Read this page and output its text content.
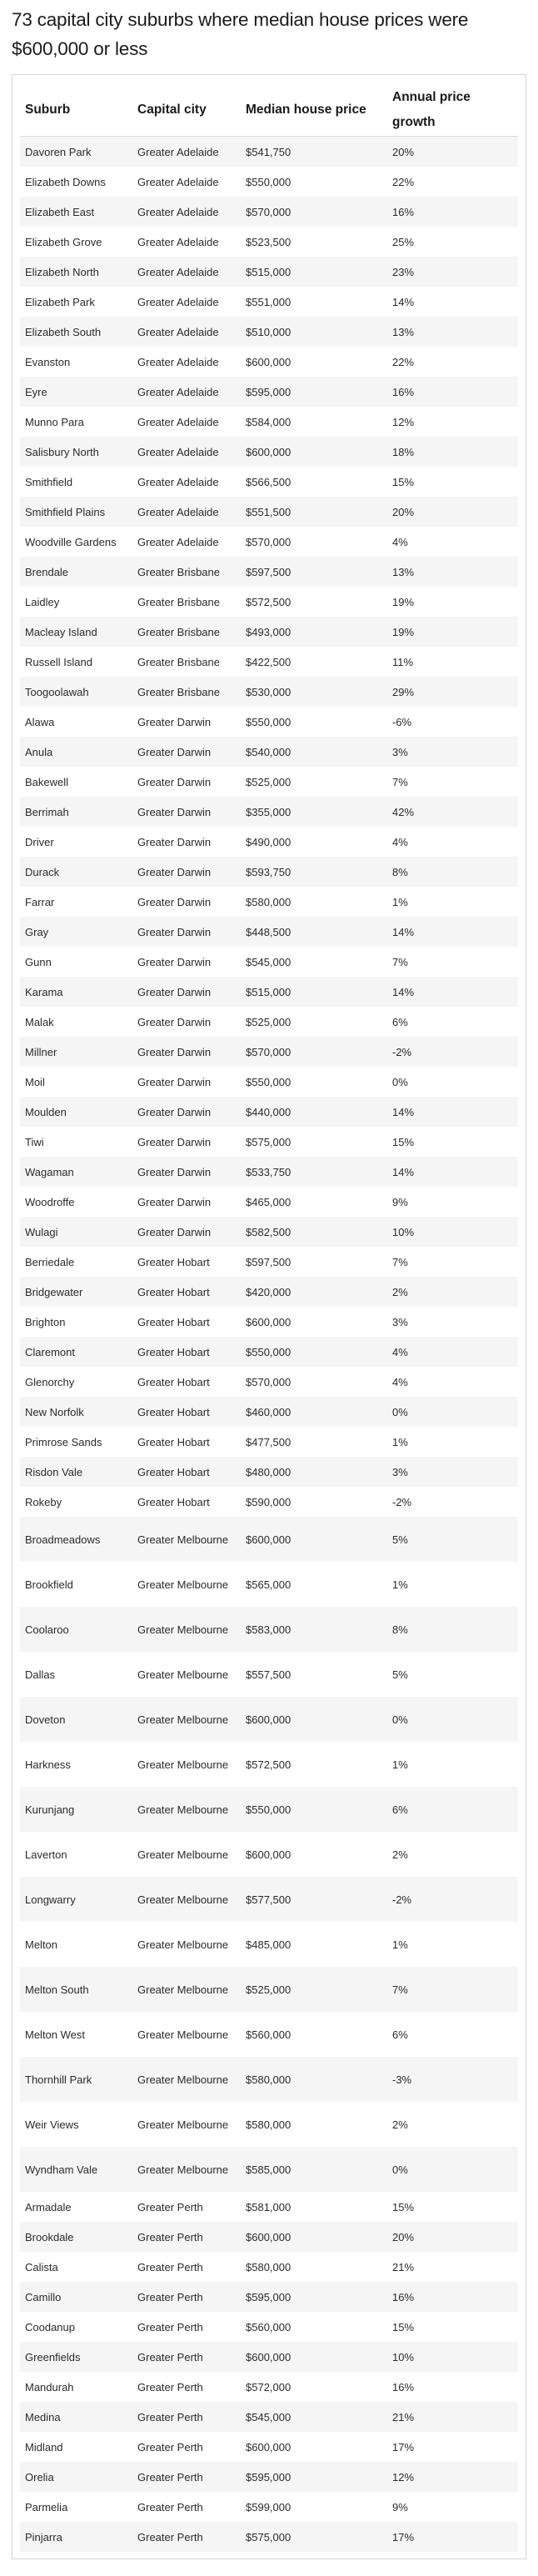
73 capital city suburbs where median house prices were $600,000 or less
Suburb	Capital city	Median house price	Annual price growth
Davoren Park	Greater Adelaide	$541,750	20%
Elizabeth Downs	Greater Adelaide	$550,000	22%
Elizabeth East	Greater Adelaide	$570,000	16%
Elizabeth Grove	Greater Adelaide	$523,500	25%
Elizabeth North	Greater Adelaide	$515,000	23%
Elizabeth Park	Greater Adelaide	$551,000	14%
Elizabeth South	Greater Adelaide	$510,000	13%
Evanston	Greater Adelaide	$600,000	22%
Eyre	Greater Adelaide	$595,000	16%
Munno Para	Greater Adelaide	$584,000	12%
Salisbury North	Greater Adelaide	$600,000	18%
Smithfield	Greater Adelaide	$566,500	15%
Smithfield Plains	Greater Adelaide	$551,500	20%
Woodville Gardens	Greater Adelaide	$570,000	4%
Brendale	Greater Brisbane	$597,500	13%
Laidley	Greater Brisbane	$572,500	19%
Macleay Island	Greater Brisbane	$493,000	19%
Russell Island	Greater Brisbane	$422,500	11%
Toogoolawah	Greater Brisbane	$530,000	29%
Alawa	Greater Darwin	$550,000	-6%
Anula	Greater Darwin	$540,000	3%
Bakewell	Greater Darwin	$525,000	7%
Berrimah	Greater Darwin	$355,000	42%
Driver	Greater Darwin	$490,000	4%
Durack	Greater Darwin	$593,750	8%
Farrar	Greater Darwin	$580,000	1%
Gray	Greater Darwin	$448,500	14%
Gunn	Greater Darwin	$545,000	7%
Karama	Greater Darwin	$515,000	14%
Malak	Greater Darwin	$525,000	6%
Millner	Greater Darwin	$570,000	-2%
Moil	Greater Darwin	$550,000	0%
Moulden	Greater Darwin	$440,000	14%
Tiwi	Greater Darwin	$575,000	15%
Wagaman	Greater Darwin	$533,750	14%
Woodroffe	Greater Darwin	$465,000	9%
Wulagi	Greater Darwin	$582,500	10%
Berriedale	Greater Hobart	$597,500	7%
Bridgewater	Greater Hobart	$420,000	2%
Brighton	Greater Hobart	$600,000	3%
Claremont	Greater Hobart	$550,000	4%
Glenorchy	Greater Hobart	$570,000	4%
New Norfolk	Greater Hobart	$460,000	0%
Primrose Sands	Greater Hobart	$477,500	1%
Risdon Vale	Greater Hobart	$480,000	3%
Rokeby	Greater Hobart	$590,000	-2%
Broadmeadows	Greater Melbourne	$600,000	5%
Brookfield	Greater Melbourne	$565,000	1%
Coolaroo	Greater Melbourne	$583,000	8%
Dallas	Greater Melbourne	$557,500	5%
Doveton	Greater Melbourne	$600,000	0%
Harkness	Greater Melbourne	$572,500	1%
Kurunjang	Greater Melbourne	$550,000	6%
Laverton	Greater Melbourne	$600,000	2%
Longwarry	Greater Melbourne	$577,500	-2%
Melton	Greater Melbourne	$485,000	1%
Melton South	Greater Melbourne	$525,000	7%
Melton West	Greater Melbourne	$560,000	6%
Thornhill Park	Greater Melbourne	$580,000	-3%
Weir Views	Greater Melbourne	$580,000	2%
Wyndham Vale	Greater Melbourne	$585,000	0%
Armadale	Greater Perth	$581,000	15%
Brookdale	Greater Perth	$600,000	20%
Calista	Greater Perth	$580,000	21%
Camillo	Greater Perth	$595,000	16%
Coodanup	Greater Perth	$560,000	15%
Greenfields	Greater Perth	$600,000	10%
Mandurah	Greater Perth	$572,000	16%
Medina	Greater Perth	$545,000	21%
Midland	Greater Perth	$600,000	17%
Orelia	Greater Perth	$595,000	12%
Parmelia	Greater Perth	$599,000	9%
Pinjarra	Greater Perth	$575,000	17%
